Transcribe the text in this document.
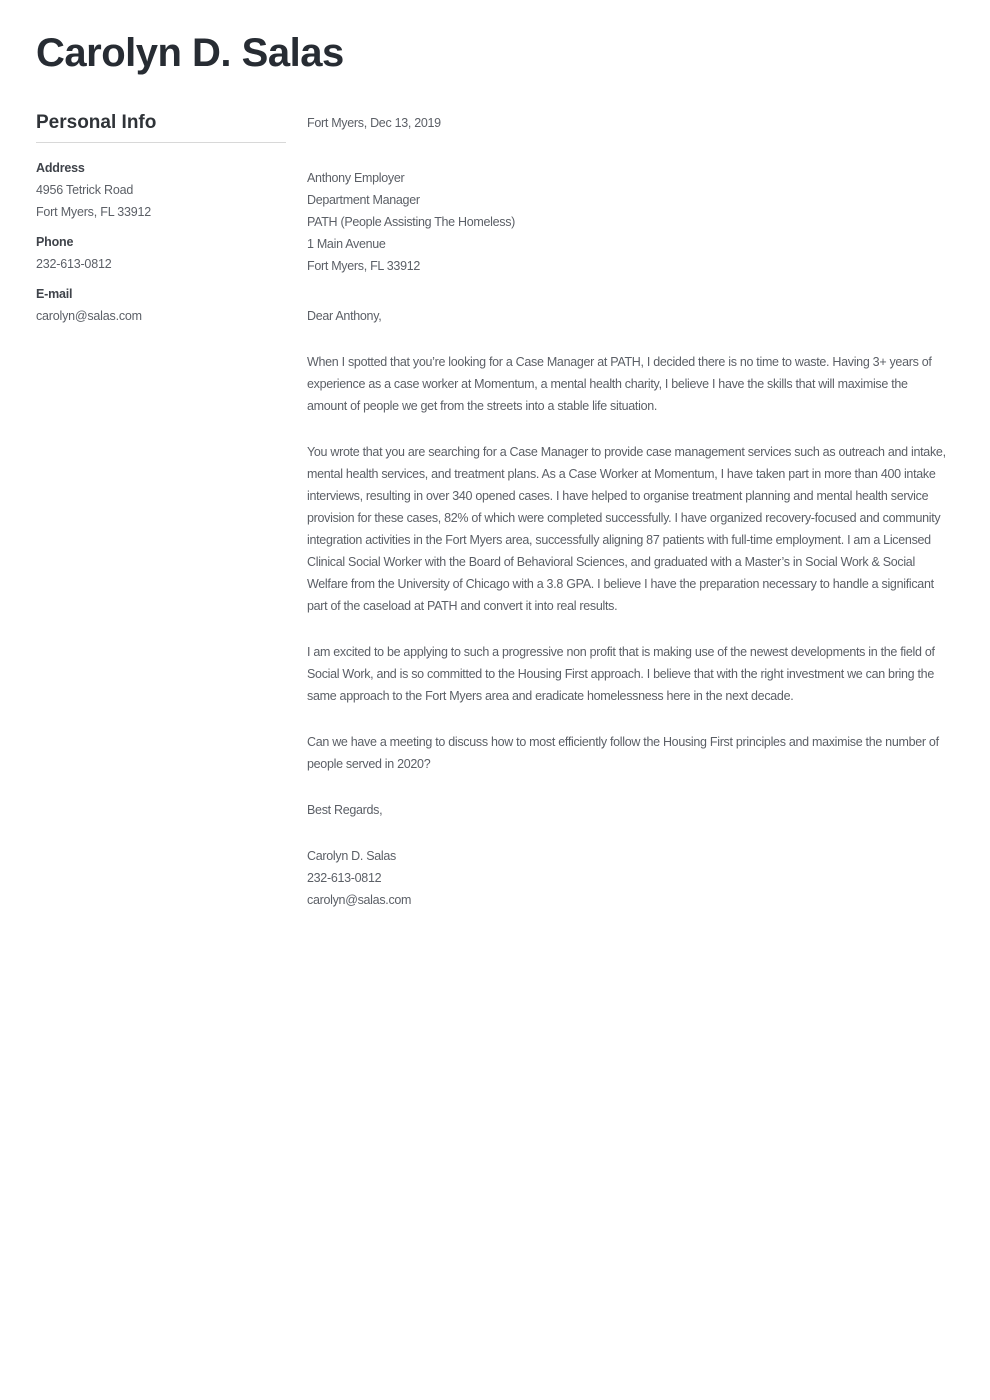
Carolyn D. Salas
Personal Info
Address
4956 Tetrick Road
Fort Myers, FL 33912
Phone
232-613-0812
E-mail
carolyn@salas.com

Fort Myers, Dec 13, 2019

Anthony Employer
Department Manager
PATH (People Assisting The Homeless)
1 Main Avenue
Fort Myers, FL 33912

Dear Anthony,

When I spotted that you’re looking for a Case Manager at PATH, I decided there is no time to waste. Having 3+ years of experience as a case worker at Momentum, a mental health charity, I believe I have the skills that will maximise the amount of people we get from the streets into a stable life situation.

You wrote that you are searching for a Case Manager to provide case management services such as outreach and intake, mental health services, and treatment plans. As a Case Worker at Momentum, I have taken part in more than 400 intake interviews, resulting in over 340 opened cases. I have helped to organise treatment planning and mental health service provision for these cases, 82% of which were completed successfully. I have organized recovery-focused and community integration activities in the Fort Myers area, successfully aligning 87 patients with full-time employment. I am a Licensed Clinical Social Worker with the Board of Behavioral Sciences, and graduated with a Master’s in Social Work & Social Welfare from the University of Chicago with a 3.8 GPA. I believe I have the preparation necessary to handle a significant part of the caseload at PATH and convert it into real results.

I am excited to be applying to such a progressive non profit that is making use of the newest developments in the field of Social Work, and is so committed to the Housing First approach. I believe that with the right investment we can bring the same approach to the Fort Myers area and eradicate homelessness here in the next decade.

Can we have a meeting to discuss how to most efficiently follow the Housing First principles and maximise the number of people served in 2020?

Best Regards,

Carolyn D. Salas
232-613-0812
carolyn@salas.com
